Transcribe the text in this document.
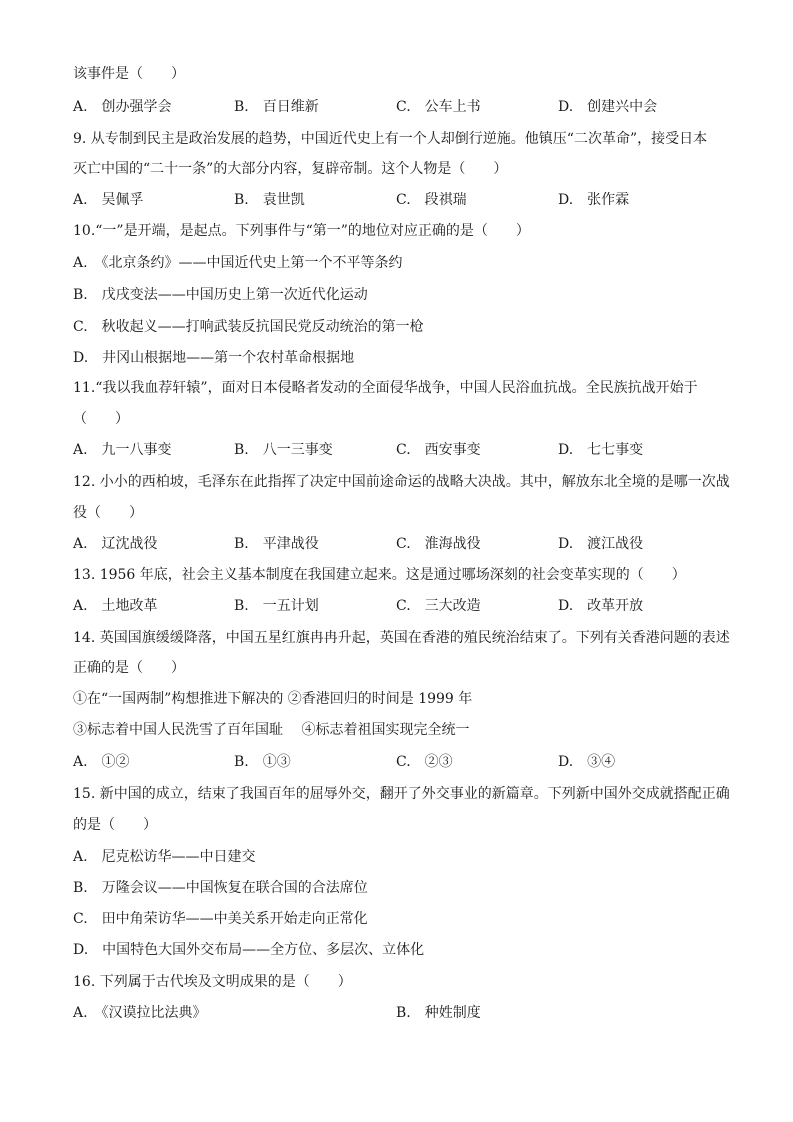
该事件是（　　）
A.　创办强学会	B.　百日维新	C.　公车上书	D.　创建兴中会
9. 从专制到民主是政治发展的趋势，中国近代史上有一个人却倒行逆施。他镇压“二次革命”，接受日本
灭亡中国的“二十一条”的大部分内容，复辟帝制。这个人物是（　　）
A.　吴佩孚	B.　袁世凯	C.　段祺瑞	D.　张作霖
10.“一”是开端，是起点。下列事件与“第一”的地位对应正确的是（　　）
A.　《北京条约》——中国近代史上第一个不平等条约
B.　戊戌变法——中国历史上第一次近代化运动
C.　秋收起义——打响武装反抗国民党反动统治的第一枪
D.　井冈山根据地——第一个农村革命根据地
11.“我以我血荐轩辕”，面对日本侵略者发动的全面侵华战争，中国人民浴血抗战。全民族抗战开始于
（　　）
A.　九一八事变	B.　八一三事变	C.　西安事变	D.　七七事变
12. 小小的西柏坡，毛泽东在此指挥了决定中国前途命运的战略大决战。其中，解放东北全境的是哪一次战
役（　　）
A.　辽沈战役	B.　平津战役	C.　淮海战役	D.　渡江战役
13. 1956 年底，社会主义基本制度在我国建立起来。这是通过哪场深刻的社会变革实现的（　　）
A.　土地改革	B.　一五计划	C.　三大改造	D.　改革开放
14. 英国国旗缓缓降落，中国五星红旗冉冉升起，英国在香港的殖民统治结束了。下列有关香港问题的表述
正确的是（　　）
①在“一国两制”构想推进下解决的 ②香港回归的时间是 1999 年
③标志着中国人民洗雪了百年国耻　 ④标志着祖国实现完全统一
A.　①②	B.　①③	C.　②③	D.　③④
15. 新中国的成立，结束了我国百年的屈辱外交，翻开了外交事业的新篇章。下列新中国外交成就搭配正确
的是（　　）
A.　尼克松访华——中日建交
B.　万隆会议——中国恢复在联合国的合法席位
C.　田中角荣访华——中美关系开始走向正常化
D.　中国特色大国外交布局——全方位、多层次、立体化
16. 下列属于古代埃及文明成果的是（　　）
A.　《汉谟拉比法典》	B.　种姓制度
